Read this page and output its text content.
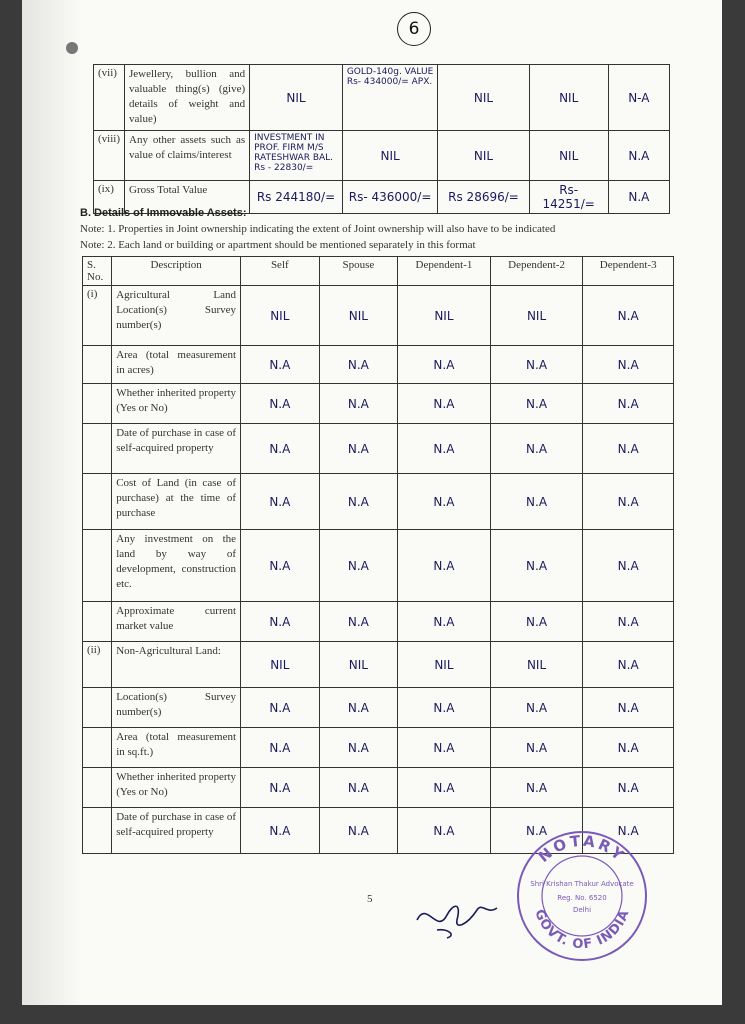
6
(vii)	Jewellery, bullion and valuable thing(s) (give) details of weight and value)	NIL	GOLD-140g. VALUE Rs- 434000/= APX.	NIL	NIL	N-A
(viii)	Any other assets such as value of claims/interest	INVESTMENT IN PROF. FIRM M/S RATESHWAR BAL. Rs - 22830/=	NIL	NIL	NIL	N.A
(ix)	Gross Total Value	Rs 244180/=	Rs- 436000/=	Rs 28696/=	Rs- 14251/=	N.A
B. Details of Immovable Assets:
Note: 1. Properties in Joint ownership indicating the extent of Joint ownership will also have to be indicated
Note: 2. Each land or building or apartment should be mentioned separately in this format
S. No.	Description	Self	Spouse	Dependent-1	Dependent-2	Dependent-3
(i)	Agricultural Land Location(s) Survey number(s)	NIL	NIL	NIL	NIL	N.A
	Area (total measurement in acres)	N.A	N.A	N.A	N.A	N.A
	Whether inherited property (Yes or No)	N.A	N.A	N.A	N.A	N.A
	Date of purchase in case of self-acquired property	N.A	N.A	N.A	N.A	N.A
	Cost of Land (in case of purchase) at the time of purchase	N.A	N.A	N.A	N.A	N.A
	Any investment on the land by way of development, construction etc.	N.A	N.A	N.A	N.A	N.A
	Approximate current market value	N.A	N.A	N.A	N.A	N.A
(ii)	Non-Agricultural Land:	NIL	NIL	NIL	NIL	N.A
	Location(s) Survey number(s)	N.A	N.A	N.A	N.A	N.A
	Area (total measurement in sq.ft.)	N.A	N.A	N.A	N.A	N.A
	Whether inherited property (Yes or No)	N.A	N.A	N.A	N.A	N.A
	Date of purchase in case of self-acquired property	N.A	N.A	N.A	N.A	N.A
5
NOTARY
GOVT. OF INDIA
Shri Krishan Thakur Advocate
Reg. No. 6520
Delhi
